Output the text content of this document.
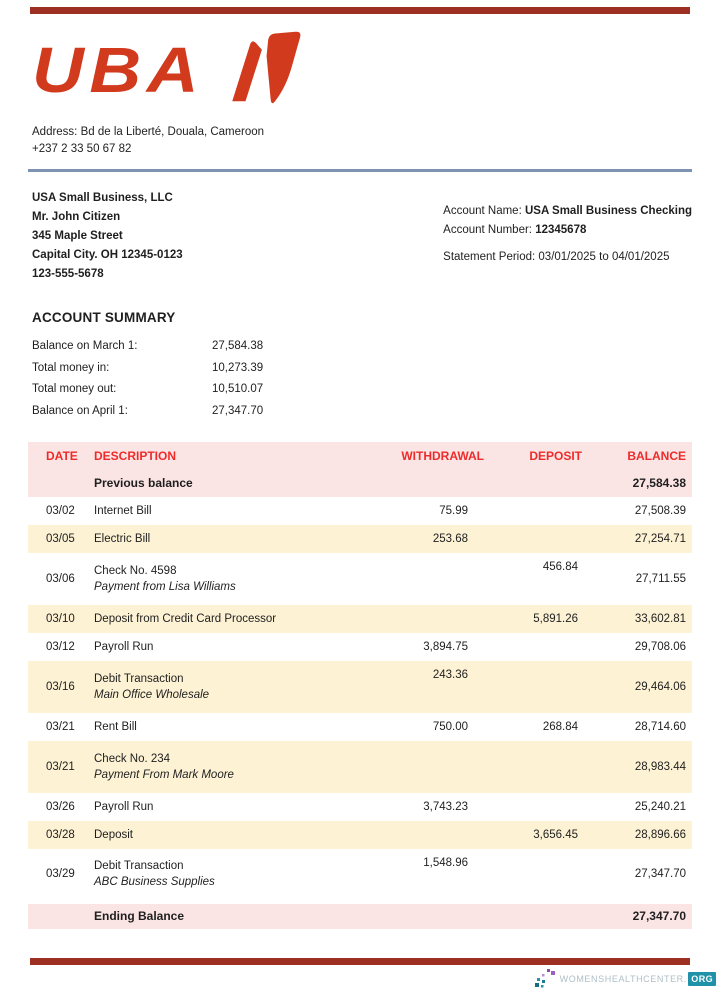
UBA
Address: Bd de la Liberté, Douala, Cameroon
+237 2 33 50 67 82
USA Small Business, LLC
Mr. John Citizen
345 Maple Street
Capital City. OH 12345-0123
123-555-5678
Account Name: USA Small Business Checking
Account Number: 12345678
Statement Period: 03/01/2025 to 04/01/2025
ACCOUNT SUMMARY
Balance on March 1:	27,584.38
Total money in:	10,273.39
Total money out:	10,510.07
Balance on April 1:	27,347.70
DATE	DESCRIPTION	WITHDRAWAL	DEPOSIT	BALANCE
	Previous balance			27,584.38
03/02	Internet Bill	75.99		27,508.39
03/05	Electric Bill	253.68		27,254.71
03/06	Check No. 4598
Payment from Lisa Williams		456.84	27,711.55
03/10	Deposit from Credit Card Processor		5,891.26	33,602.81
03/12	Payroll Run	3,894.75		29,708.06
03/16	Debit Transaction
Main Office Wholesale	243.36		29,464.06
03/21	Rent Bill	750.00	268.84	28,714.60
03/21	Check No. 234
Payment From Mark Moore			28,983.44
03/26	Payroll Run	3,743.23		25,240.21
03/28	Deposit		3,656.45	28,896.66
03/29	Debit Transaction
ABC Business Supplies	1,548.96		27,347.70
	Ending Balance			27,347.70
WOMENSHEALTHCENTER . ORG
